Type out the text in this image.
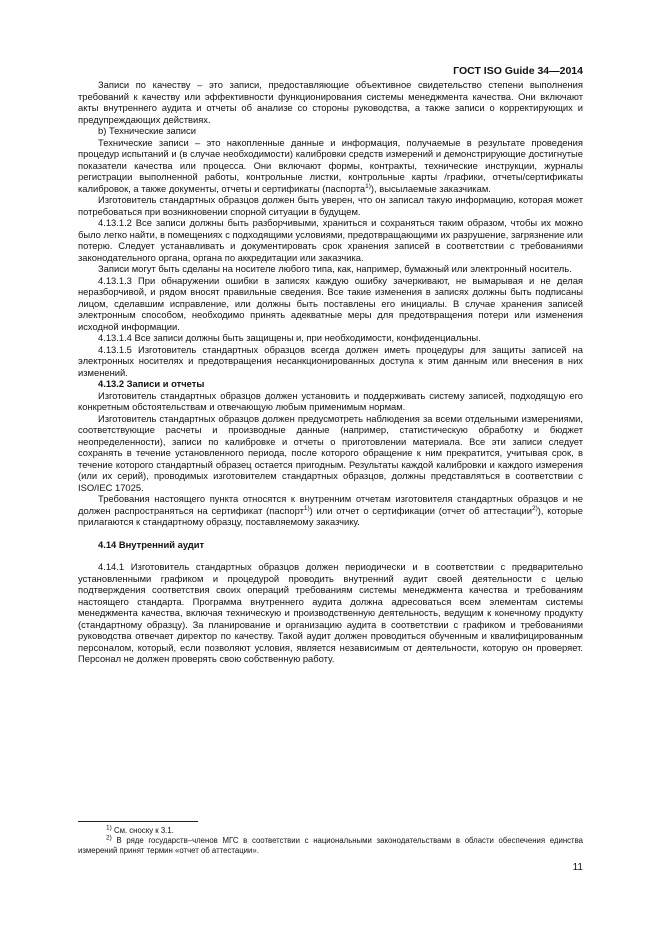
ГОСТ ISO Guide 34—2014

Записи по качеству – это записи, предоставляющие объективное свидетельство степени выполнения требований к качеству или эффективности функционирования системы менеджмента качества. Они включают акты внутреннего аудита и отчеты об анализе со стороны руководства, а также записи о корректирующих и предупреждающих действиях.

b) Технические записи

Технические записи – это накопленные данные и информация, получаемые в результате проведения процедур испытаний и (в случае необходимости) калибровки средств измерений и демонстрирующие достигнутые показатели качества или процесса. Они включают формы, контракты, технические инструкции, журналы регистрации выполненной работы, контрольные листки, контрольные карты /графики, отчеты/сертификаты калибровок, а также документы, отчеты и сертификаты (паспорта$^{1)}$), высылаемые заказчикам.

Изготовитель стандартных образцов должен быть уверен, что он записал такую информацию, которая может потребоваться при возникновении спорной ситуации в будущем.

4.13.1.2 Все записи должны быть разборчивыми, храниться и сохраняться таким образом, чтобы их можно было легко найти, в помещениях с подходящими условиями, предотвращающими их разрушение, загрязнение или потерю. Следует устанавливать и документировать срок хранения записей в соответствии с требованиями законодательного органа, органа по аккредитации или заказчика.

Записи могут быть сделаны на носителе любого типа, как, например, бумажный или электронный носитель.

4.13.1.3 При обнаружении ошибки в записях каждую ошибку зачеркивают, не вымарывая и не делая неразборчивой, и рядом вносят правильные сведения. Все такие изменения в записях должны быть подписаны лицом, сделавшим исправление, или должны быть поставлены его инициалы. В случае хранения записей электронным способом, необходимо принять адекватные меры для предотвращения потери или изменения исходной информации.

4.13.1.4 Все записи должны быть защищены и, при необходимости, конфиденциальны.

4.13.1.5 Изготовитель стандартных образцов всегда должен иметь процедуры для защиты записей на электронных носителях и предотвращения несанкционированных доступа к этим данным или внесения в них изменений.

4.13.2 Записи и отчеты

Изготовитель стандартных образцов должен установить и поддерживать систему записей, подходящую его конкретным обстоятельствам и отвечающую любым применимым нормам.

Изготовитель стандартных образцов должен предусмотреть наблюдения за всеми отдельными измерениями, соответствующие расчеты и производные данные (например, статистическую обработку и бюджет неопределенности), записи по калибровке и отчеты о приготовлении материала. Все эти записи следует сохранять в течение установленного периода, после которого обращение к ним прекратится, учитывая срок, в течение которого стандартный образец остается пригодным. Результаты каждой калибровки и каждого измерения (или их серий), проводимых изготовителем стандартных образцов, должны представляться в соответствии с ISO/IEC 17025.

Требования настоящего пункта относятся к внутренним отчетам изготовителя стандартных образцов и не должен распространяться на сертификат (паспорт$^{1)}$) или отчет о сертификации (отчет об аттестации$^{2)}$), которые прилагаются к стандартному образцу, поставляемому заказчику.

4.14 Внутренний аудит

4.14.1 Изготовитель стандартных образцов должен периодически и в соответствии с предварительно установленными графиком и процедурой проводить внутренний аудит своей деятельности с целью подтверждения соответствия своих операций требованиям системы менеджмента качества и требованиям настоящего стандарта. Программа внутреннего аудита должна адресоваться всем элементам системы менеджмента качества, включая техническую и производственную деятельность, ведущим к конечному продукту (стандартному образцу). За планирование и организацию аудита в соответствии с графиком и требованиями руководства отвечает директор по качеству. Такой аудит должен проводиться обученным и квалифицированным персоналом, который, если позволяют условия, является независимым от деятельности, которую он проверяет. Персонал не должен проверять свою собственную работу.

$^{1)}$ См. сноску к 3.1.

$^{2)}$ В ряде государств–членов МГС в соответствии с национальными законодательствами в области обеспечения единства измерений принят термин «отчет об аттестации».

11
